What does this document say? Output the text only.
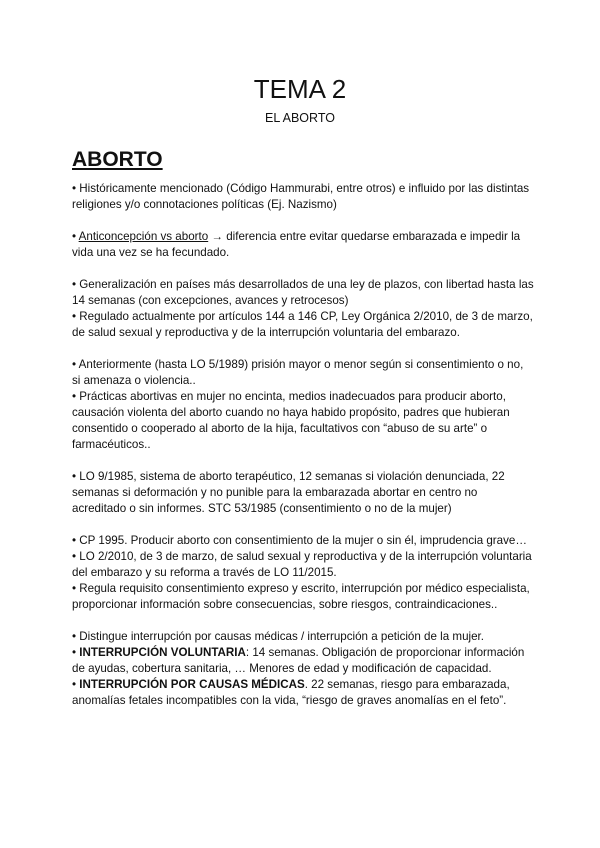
TEMA 2

EL ABORTO

ABORTO

• Históricamente mencionado (Código Hammurabi, entre otros) e influido por las distintas religiones y/o connotaciones políticas (Ej. Nazismo)

• Anticoncepción vs aborto → diferencia entre evitar quedarse embarazada e impedir la vida una vez se ha fecundado.

• Generalización en países más desarrollados de una ley de plazos, con libertad hasta las 14 semanas (con excepciones, avances y retrocesos)

• Regulado actualmente por artículos 144 a 146 CP, Ley Orgánica 2/2010, de 3 de marzo, de salud sexual y reproductiva y de la interrupción voluntaria del embarazo.

• Anteriormente (hasta LO 5/1989) prisión mayor o menor según si consentimiento o no, si amenaza o violencia..

• Prácticas abortivas en mujer no encinta, medios inadecuados para producir aborto, causación violenta del aborto cuando no haya habido propósito, padres que hubieran consentido o cooperado al aborto de la hija, facultativos con “abuso de su arte” o farmacéuticos..

• LO 9/1985, sistema de aborto terapéutico, 12 semanas si violación denunciada, 22 semanas si deformación y no punible para la embarazada abortar en centro no acreditado o sin informes. STC 53/1985 (consentimiento o no de la mujer)

• CP 1995. Producir aborto con consentimiento de la mujer o sin él, imprudencia grave…

• LO 2/2010, de 3 de marzo, de salud sexual y reproductiva y de la interrupción voluntaria del embarazo y su reforma a través de LO 11/2015.

• Regula requisito consentimiento expreso y escrito, interrupción por médico especialista, proporcionar información sobre consecuencias, sobre riesgos, contraindicaciones..

• Distingue interrupción por causas médicas / interrupción a petición de la mujer.

• INTERRUPCIÓN VOLUNTARIA: 14 semanas. Obligación de proporcionar información de ayudas, cobertura sanitaria, … Menores de edad y modificación de capacidad.

• INTERRUPCIÓN POR CAUSAS MÉDICAS. 22 semanas, riesgo para embarazada, anomalías fetales incompatibles con la vida, “riesgo de graves anomalías en el feto”.
